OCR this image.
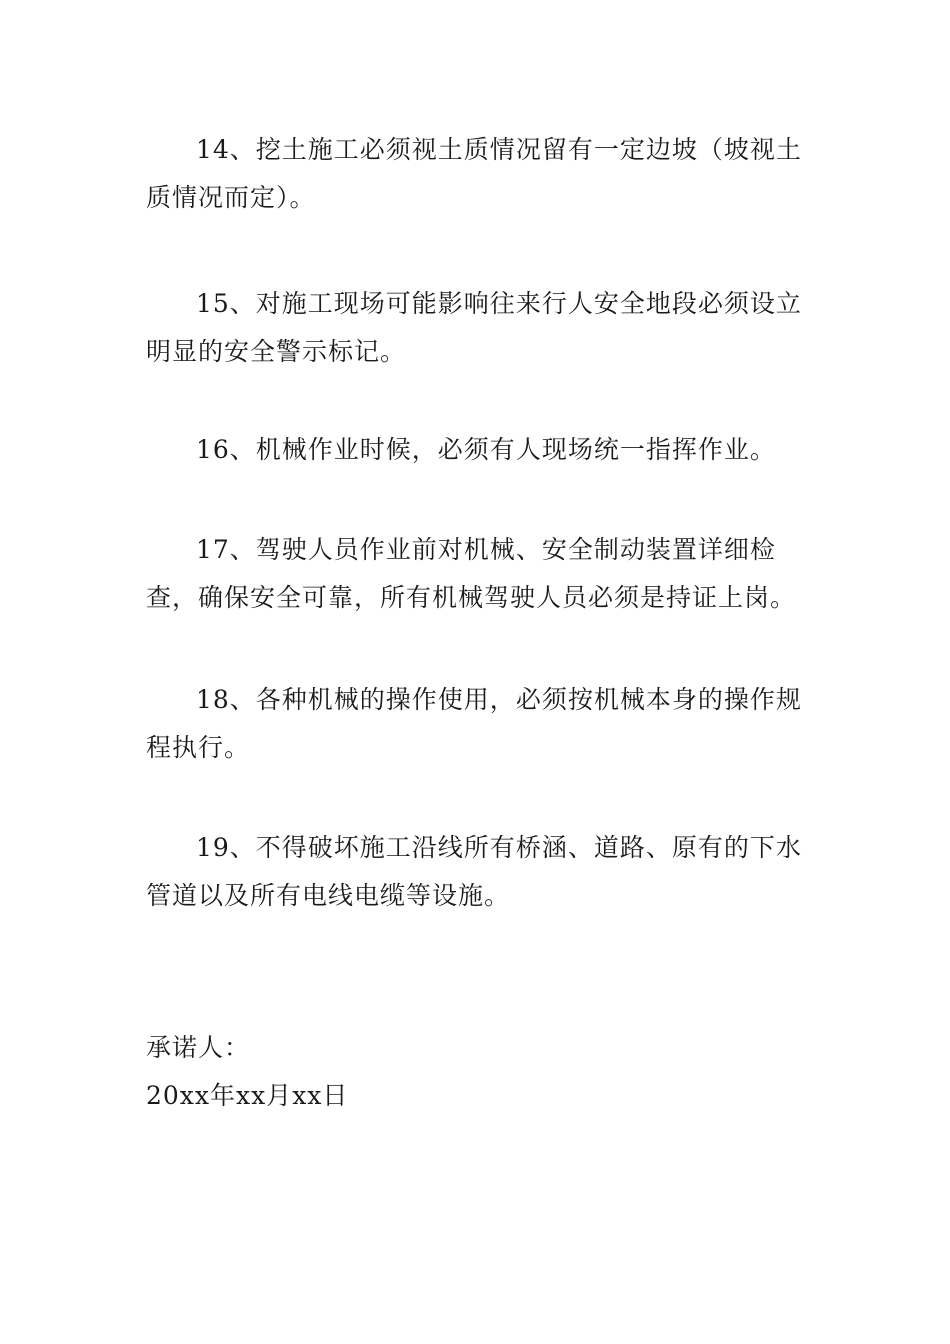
14、挖土施工必须视土质情况留有一定边坡（坡视土质情况而定）。

15、对施工现场可能影响往来行人安全地段必须设立明显的安全警示标记。

16、机械作业时候，必须有人现场统一指挥作业。

17、驾驶人员作业前对机械、安全制动装置详细检查，确保安全可靠，所有机械驾驶人员必须是持证上岗。

18、各种机械的操作使用，必须按机械本身的操作规程执行。

19、不得破坏施工沿线所有桥涵、道路、原有的下水管道以及所有电线电缆等设施。

承诺人：

20xx年xx月xx日
